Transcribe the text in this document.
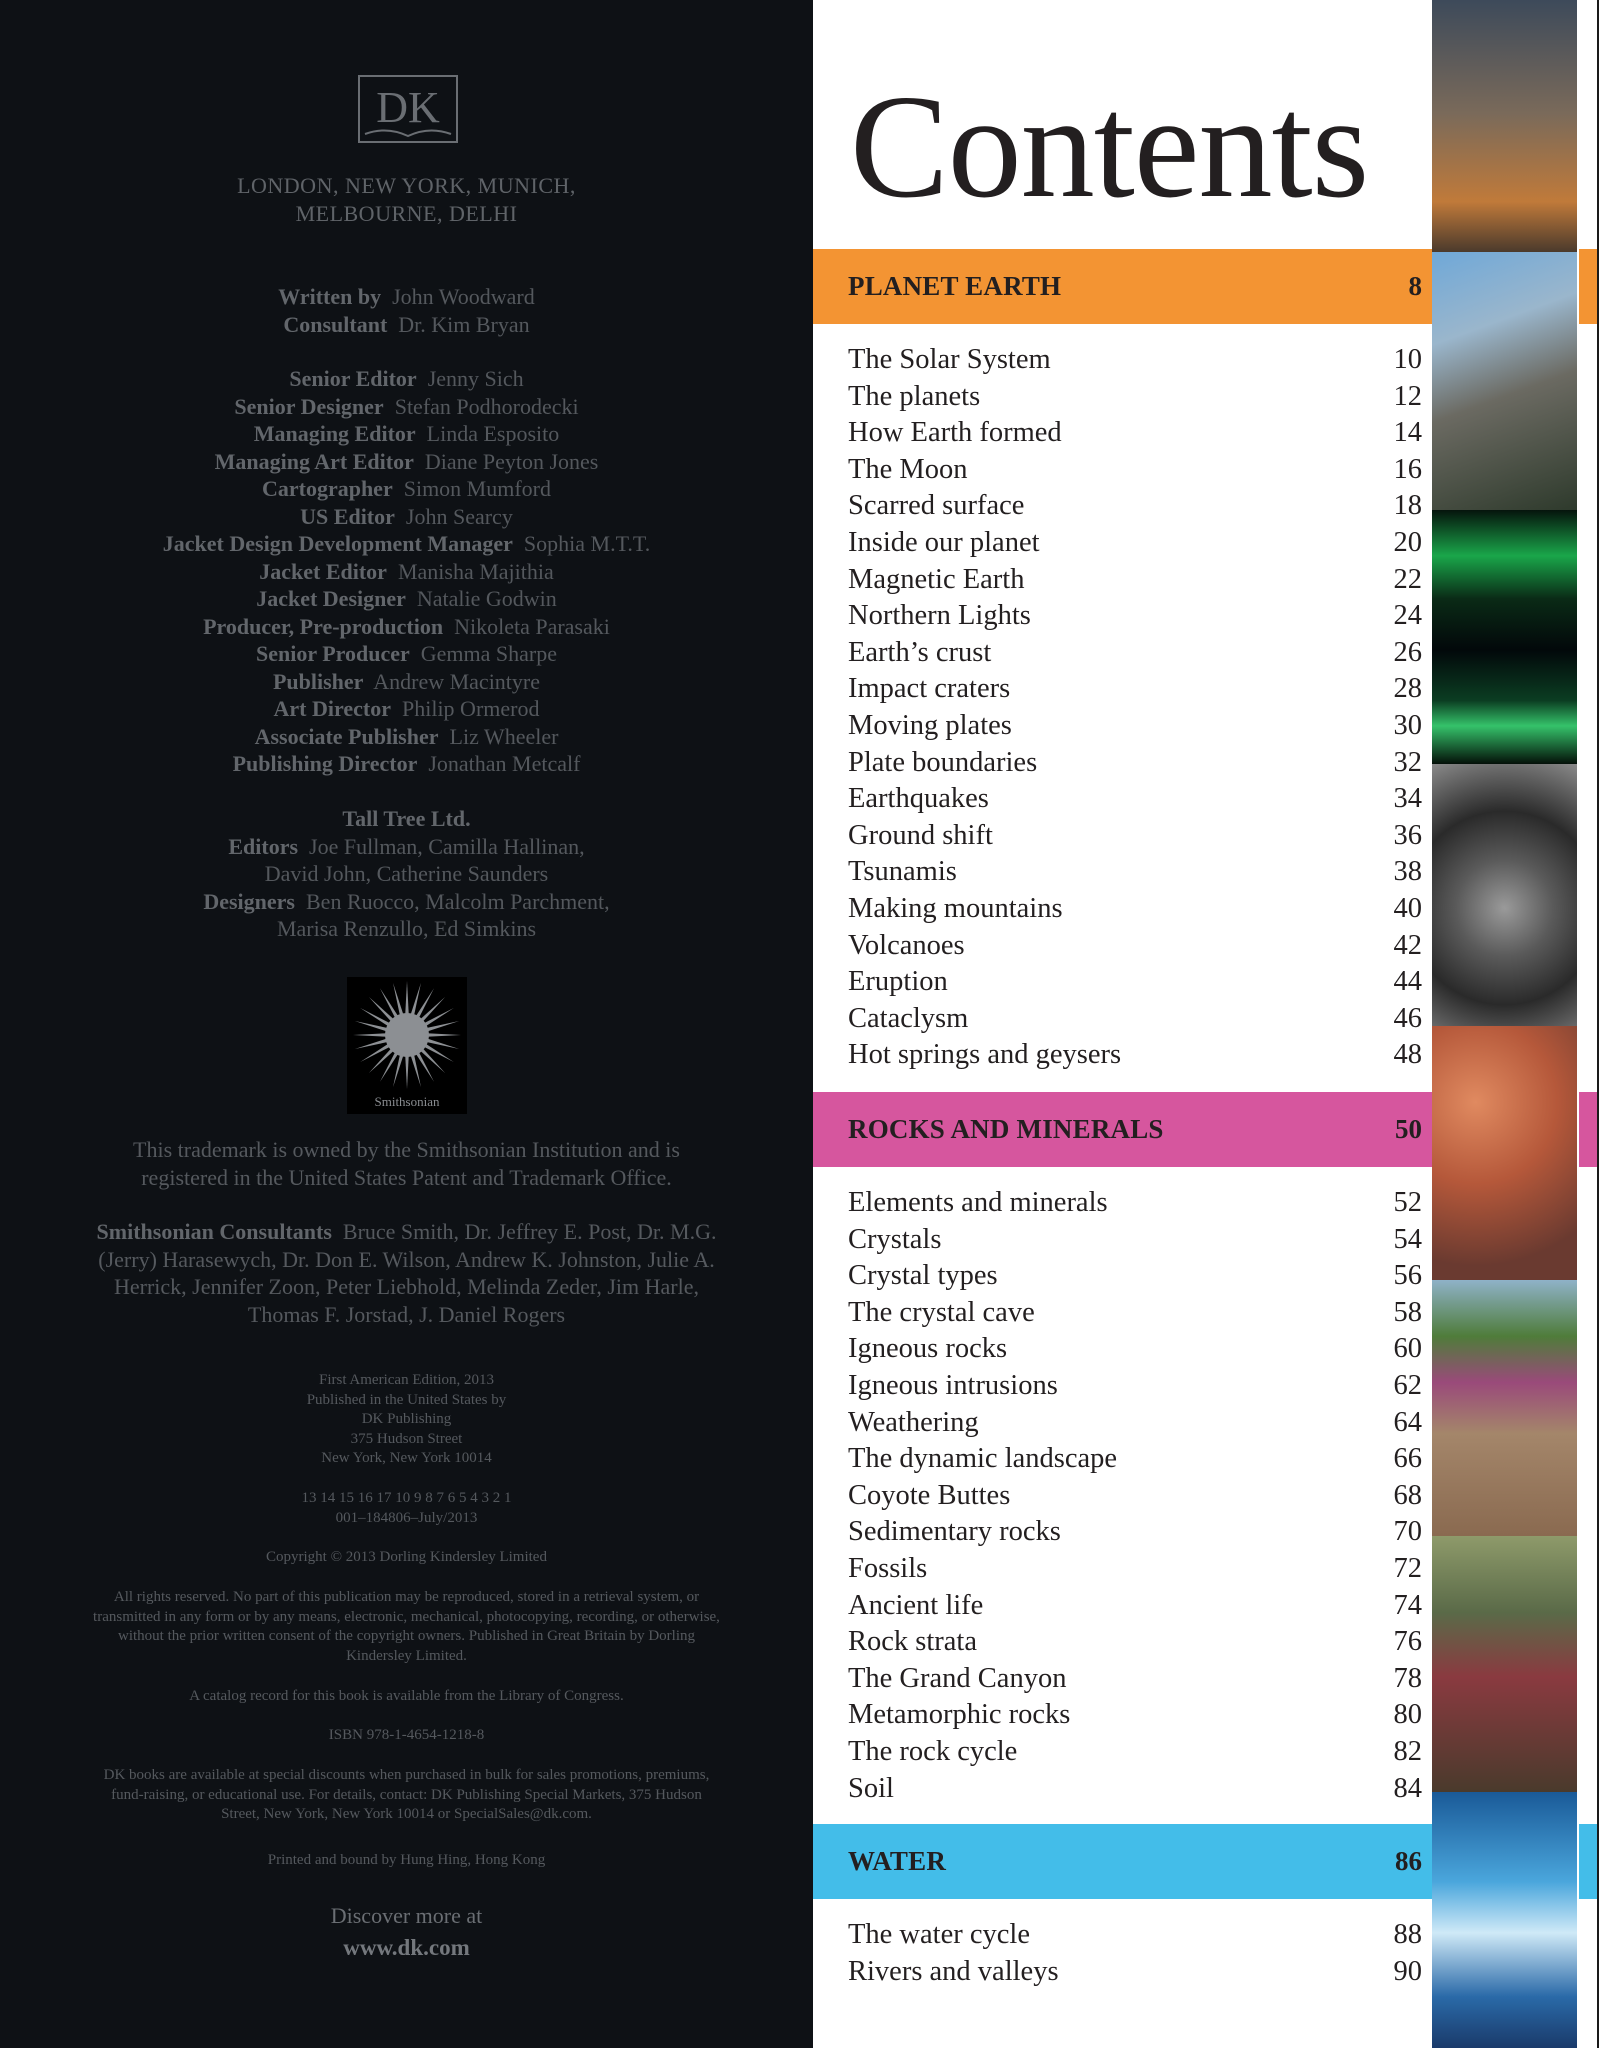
DK
LONDON, NEW YORK, MUNICH,
MELBOURNE, DELHI
Written by John Woodward
Consultant Dr. Kim Bryan
Senior Editor Jenny Sich
Senior Designer Stefan Podhorodecki
Managing Editor Linda Esposito
Managing Art Editor Diane Peyton Jones
Cartographer Simon Mumford
US Editor John Searcy
Jacket Design Development Manager Sophia M.T.T.
Jacket Editor Manisha Majithia
Jacket Designer Natalie Godwin
Producer, Pre-production Nikoleta Parasaki
Senior Producer Gemma Sharpe
Publisher Andrew Macintyre
Art Director Philip Ormerod
Associate Publisher Liz Wheeler
Publishing Director Jonathan Metcalf
Tall Tree Ltd.
Editors Joe Fullman, Camilla Hallinan,
David John, Catherine Saunders
Designers Ben Ruocco, Malcolm Parchment,
Marisa Renzullo, Ed Simkins
Smithsonian
This trademark is owned by the Smithsonian Institution and is registered in the United States Patent and Trademark Office.
Smithsonian Consultants Bruce Smith, Dr. Jeffrey E. Post, Dr. M.G. (Jerry) Harasewych, Dr. Don E. Wilson, Andrew K. Johnston, Julie A. Herrick, Jennifer Zoon, Peter Liebhold, Melinda Zeder, Jim Harle, Thomas F. Jorstad, J. Daniel Rogers
First American Edition, 2013
Published in the United States by
DK Publishing
375 Hudson Street
New York, New York 10014
13 14 15 16 17 10 9 8 7 6 5 4 3 2 1
001–184806–July/2013
Copyright © 2013 Dorling Kindersley Limited
All rights reserved. No part of this publication may be reproduced, stored in a retrieval system, or transmitted in any form or by any means, electronic, mechanical, photocopying, recording, or otherwise, without the prior written consent of the copyright owners. Published in Great Britain by Dorling Kindersley Limited.
A catalog record for this book is available from the Library of Congress.
ISBN 978-1-4654-1218-8
DK books are available at special discounts when purchased in bulk for sales promotions, premiums, fund-raising, or educational use. For details, contact: DK Publishing Special Markets, 375 Hudson Street, New York, New York 10014 or SpecialSales@dk.com.
Printed and bound by Hung Hing, Hong Kong
Discover more at
www.dk.com
Contents
PLANET EARTH	8
The Solar System	10
The planets	12
How Earth formed	14
The Moon	16
Scarred surface	18
Inside our planet	20
Magnetic Earth	22
Northern Lights	24
Earth’s crust	26
Impact craters	28
Moving plates	30
Plate boundaries	32
Earthquakes	34
Ground shift	36
Tsunamis	38
Making mountains	40
Volcanoes	42
Eruption	44
Cataclysm	46
Hot springs and geysers	48
ROCKS AND MINERALS	50
Elements and minerals	52
Crystals	54
Crystal types	56
The crystal cave	58
Igneous rocks	60
Igneous intrusions	62
Weathering	64
The dynamic landscape	66
Coyote Buttes	68
Sedimentary rocks	70
Fossils	72
Ancient life	74
Rock strata	76
The Grand Canyon	78
Metamorphic rocks	80
The rock cycle	82
Soil	84
WATER	86
The water cycle	88
Rivers and valleys	90
